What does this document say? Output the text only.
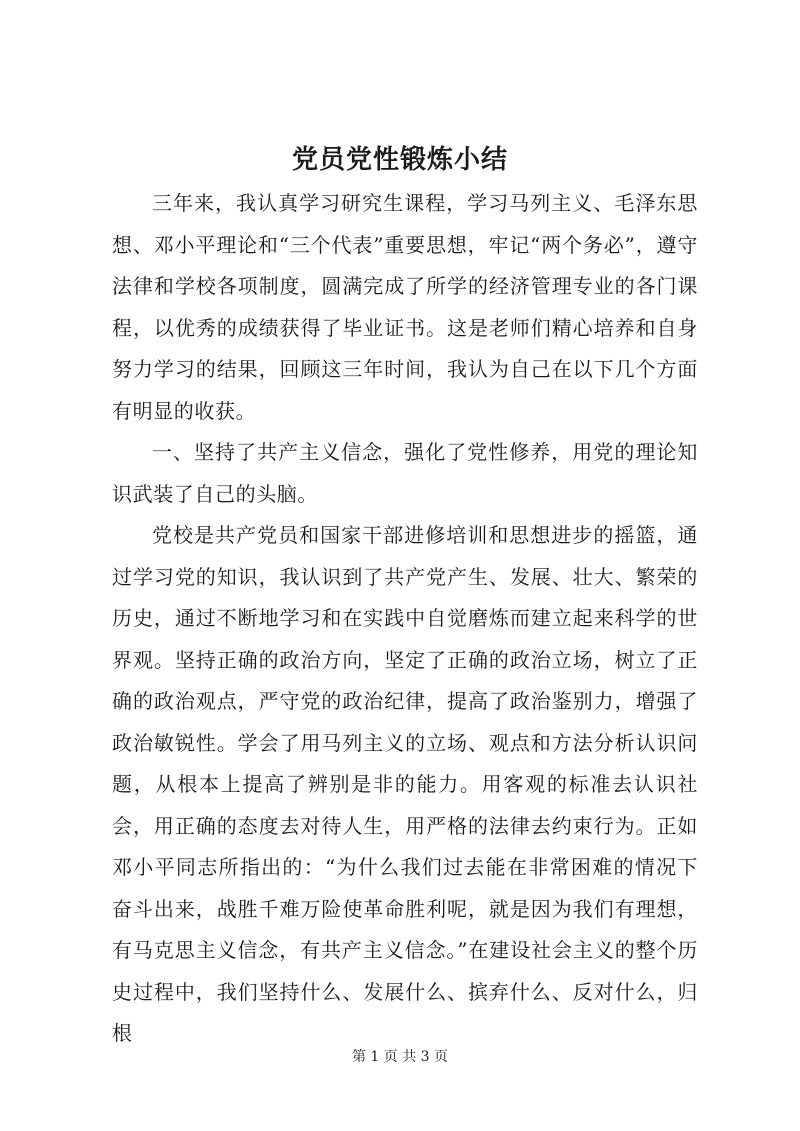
党员党性锻炼小结

三年来，我认真学习研究生课程，学习马列主义、毛泽东思想、邓小平理论和“三个代表”重要思想，牢记“两个务必”，遵守法律和学校各项制度，圆满完成了所学的经济管理专业的各门课程，以优秀的成绩获得了毕业证书。这是老师们精心培养和自身努力学习的结果，回顾这三年时间，我认为自己在以下几个方面有明显的收获。

一、坚持了共产主义信念，强化了党性修养，用党的理论知识武装了自己的头脑。

党校是共产党员和国家干部进修培训和思想进步的摇篮，通过学习党的知识，我认识到了共产党产生、发展、壮大、繁荣的历史，通过不断地学习和在实践中自觉磨炼而建立起来科学的世界观。坚持正确的政治方向，坚定了正确的政治立场，树立了正确的政治观点，严守党的政治纪律，提高了政治鉴别力，增强了政治敏锐性。学会了用马列主义的立场、观点和方法分析认识问题，从根本上提高了辨别是非的能力。用客观的标准去认识社会，用正确的态度去对待人生，用严格的法律去约束行为。正如邓小平同志所指出的：“为什么我们过去能在非常困难的情况下奋斗出来，战胜千难万险使革命胜利呢，就是因为我们有理想，有马克思主义信念，有共产主义信念。”在建设社会主义的整个历史过程中，我们坚持什么、发展什么、摈弃什么、反对什么，归根

第 1 页 共 3 页
